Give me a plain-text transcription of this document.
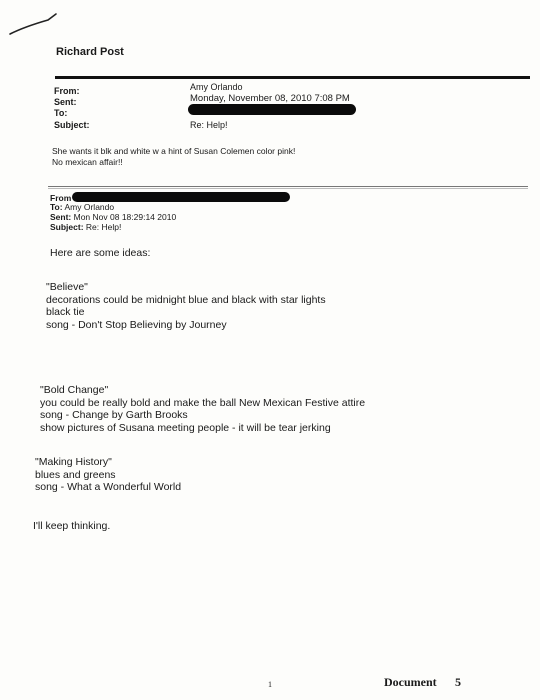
Richard Post
From:
Sent:
To:
Subject:
Amy Orlando
Monday, November 08, 2010 7:08 PM
Re: Help!
She wants it blk and white w a hint of Susan Colemen color pink!
No mexican affair!!
From
To: Amy Orlando
Sent: Mon Nov 08 18:29:14 2010
Subject: Re: Help!
Here are some ideas:
"Believe"
decorations could be midnight blue and black with star lights
black tie
song - Don't Stop Believing by Journey
"Bold Change"
you could be really bold and make the ball New Mexican Festive attire
song - Change by Garth Brooks
show pictures of Susana meeting people - it will be tear jerking
"Making History"
blues and greens
song - What a Wonderful World
I'll keep thinking.
1	Document 5
